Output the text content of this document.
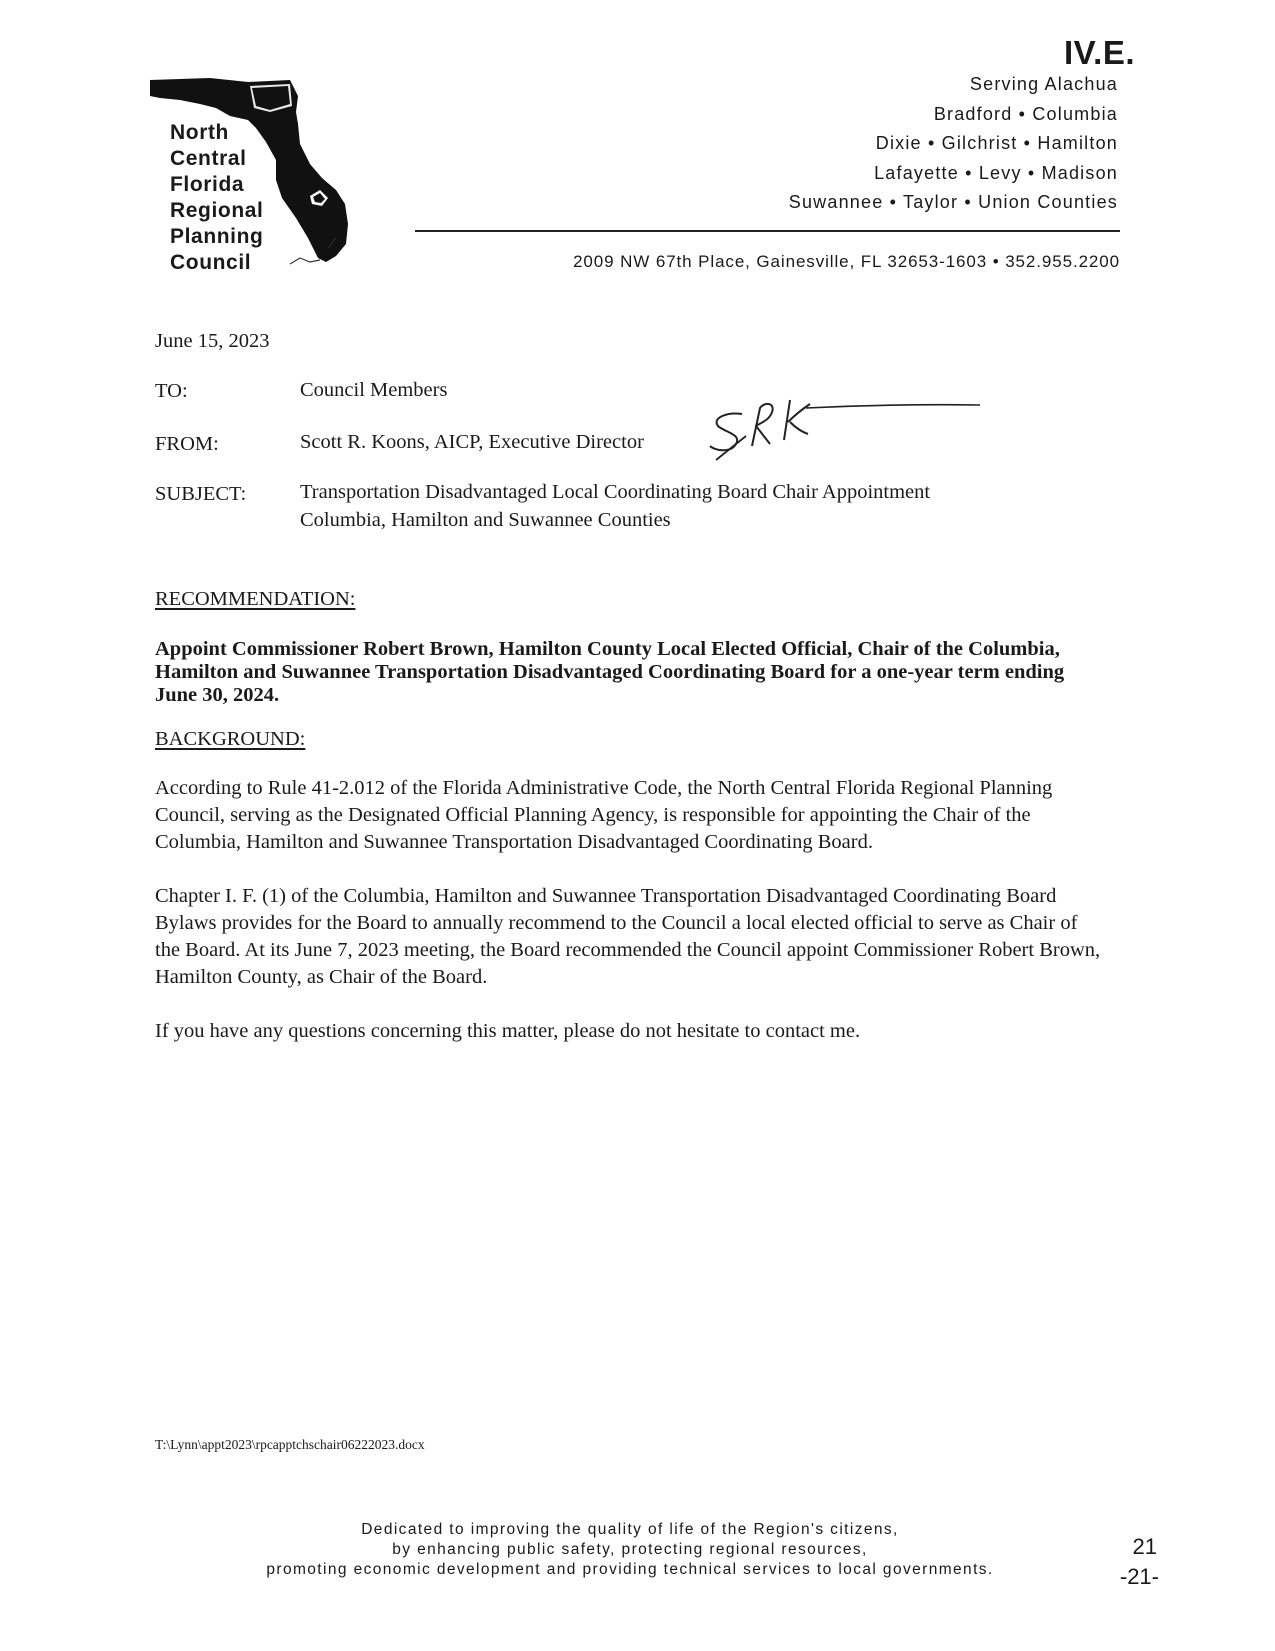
IV.E.
North
Central
Florida
Regional
Planning
Council
Serving Alachua
Bradford • Columbia
Dixie • Gilchrist • Hamilton
Lafayette • Levy • Madison
Suwannee • Taylor • Union Counties
2009 NW 67th Place, Gainesville, FL 32653-1603 • 352.955.2200
June 15, 2023
TO:	Council Members
FROM:	Scott R. Koons, AICP, Executive Director
SUBJECT:	Transportation Disadvantaged Local Coordinating Board Chair Appointment
Columbia, Hamilton and Suwannee Counties
RECOMMENDATION:
Appoint Commissioner Robert Brown, Hamilton County Local Elected Official, Chair of the Columbia, Hamilton and Suwannee Transportation Disadvantaged Coordinating Board for a one-year term ending June 30, 2024.
BACKGROUND:
According to Rule 41-2.012 of the Florida Administrative Code, the North Central Florida Regional Planning Council, serving as the Designated Official Planning Agency, is responsible for appointing the Chair of the Columbia, Hamilton and Suwannee Transportation Disadvantaged Coordinating Board.
Chapter I. F. (1) of the Columbia, Hamilton and Suwannee Transportation Disadvantaged Coordinating Board Bylaws provides for the Board to annually recommend to the Council a local elected official to serve as Chair of the Board. At its June 7, 2023 meeting, the Board recommended the Council appoint Commissioner Robert Brown, Hamilton County, as Chair of the Board.
If you have any questions concerning this matter, please do not hesitate to contact me.
T:\Lynn\appt2023\rpcapptchschair06222023.docx
Dedicated to improving the quality of life of the Region's citizens,
by enhancing public safety, protecting regional resources,
promoting economic development and providing technical services to local governments.
21
-21-
